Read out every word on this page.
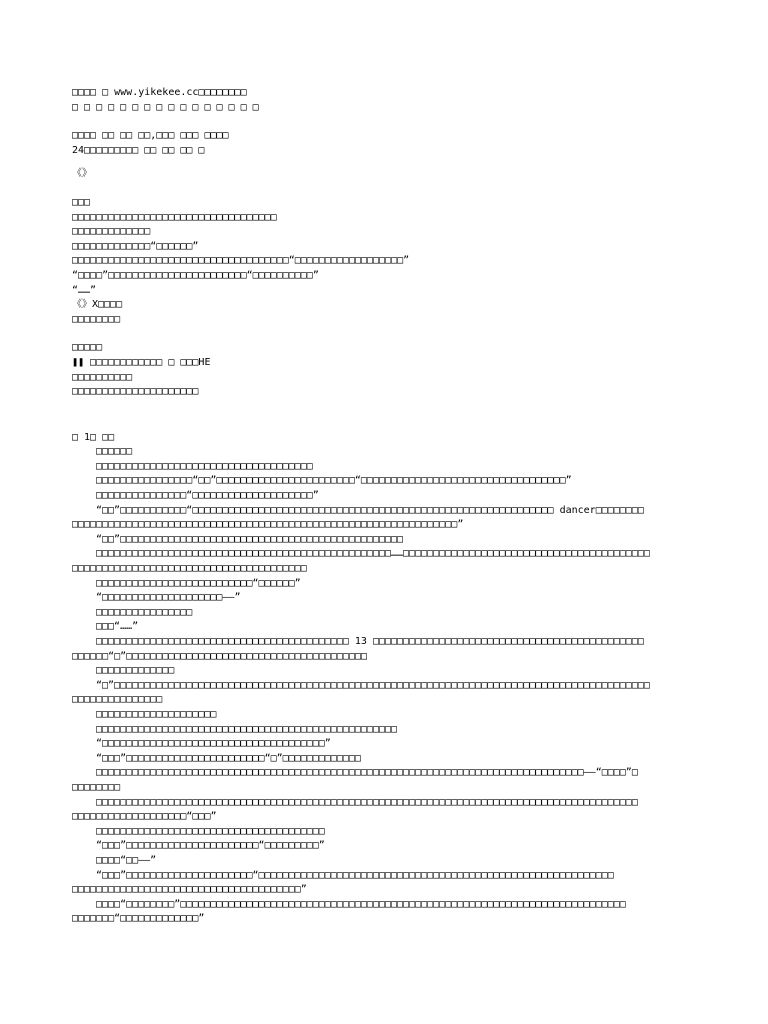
□□□□ □ www.yikekee.cc□□□□□□□□
□ □ □ □ □ □ □ □ □ □ □ □ □ □ □ □
□□□□ □□ □□ □□,□□□ □□□ □□□□
24□□□□□□□□□ □□ □□ □□ □
《》
□□□
□□□□□□□□□□□□□□□□□□□□□□□□□□□□□□□□□□
□□□□□□□□□□□□□
□□□□□□□□□□□□□“□□□□□□”
□□□□□□□□□□□□□□□□□□□□□□□□□□□□□□□□□□□□“□□□□□□□□□□□□□□□□□□”
“□□□□”□□□□□□□□□□□□□□□□□□□□□□□“□□□□□□□□□□”
“……”
《》X□□□□
□□□□□□□□
□□□□□
❚❚ □□□□□□□□□□□□ □ □□□HE
□□□□□□□□□□
□□□□□□□□□□□□□□□□□□□□□
□ 1□ □□
□□□□□□
□□□□□□□□□□□□□□□□□□□□□□□□□□□□□□□□□□□□
□□□□□□□□□□□□□□□□“□□”□□□□□□□□□□□□□□□□□□□□□□□“□□□□□□□□□□□□□□□□□□□□□□□□□□□□□□□□□□”
□□□□□□□□□□□□□□□“□□□□□□□□□□□□□□□□□□□□”
“□□”□□□□□□□□□□□“□□□□□□□□□□□□□□□□□□□□□□□□□□□□□□□□□□□□□□□□□□□□□□□□□□□□□□□□□□□□ dancer□□□□□□□□
□□□□□□□□□□□□□□□□□□□□□□□□□□□□□□□□□□□□□□□□□□□□□□□□□□□□□□□□□□□□□□□□”
“□□”□□□□□□□□□□□□□□□□□□□□□□□□□□□□□□□□□□□□□□□□□□□□□□□
□□□□□□□□□□□□□□□□□□□□□□□□□□□□□□□□□□□□□□□□□□□□□□□□□……□□□□□□□□□□□□□□□□□□□□□□□□□□□□□□□□□□□□□□□□□
□□□□□□□□□□□□□□□□□□□□□□□□□□□□□□□□□□□□□□□
□□□□□□□□□□□□□□□□□□□□□□□□□□“□□□□□□”
“□□□□□□□□□□□□□□□□□□□□——”
□□□□□□□□□□□□□□□□
□□□“……”
□□□□□□□□□□□□□□□□□□□□□□□□□□□□□□□□□□□□□□□□□□ 13 □□□□□□□□□□□□□□□□□□□□□□□□□□□□□□□□□□□□□□□□□□□□□
□□□□□□“□”□□□□□□□□□□□□□□□□□□□□□□□□□□□□□□□□□□□□□□□□
□□□□□□□□□□□□□
“□”□□□□□□□□□□□□□□□□□□□□□□□□□□□□□□□□□□□□□□□□□□□□□□□□□□□□□□□□□□□□□□□□□□□□□□□□□□□□□□□□□□□□□□□□□
□□□□□□□□□□□□□□□
□□□□□□□□□□□□□□□□□□□□
□□□□□□□□□□□□□□□□□□□□□□□□□□□□□□□□□□□□□□□□□□□□□□□□□□
“□□□□□□□□□□□□□□□□□□□□□□□□□□□□□□□□□□□□□”
“□□□”□□□□□□□□□□□□□□□□□□□□□□□“□”□□□□□□□□□□□□□
□□□□□□□□□□□□□□□□□□□□□□□□□□□□□□□□□□□□□□□□□□□□□□□□□□□□□□□□□□□□□□□□□□□□□□□□□□□□□□□□□——“□□□□”□
□□□□□□□□
□□□□□□□□□□□□□□□□□□□□□□□□□□□□□□□□□□□□□□□□□□□□□□□□□□□□□□□□□□□□□□□□□□□□□□□□□□□□□□□□□□□□□□□□□□
□□□□□□□□□□□□□□□□□□□“□□□”
□□□□□□□□□□□□□□□□□□□□□□□□□□□□□□□□□□□□□□
“□□□”□□□□□□□□□□□□□□□□□□□□□□“□□□□□□□□□”
□□□□“□□——”
“□□□”□□□□□□□□□□□□□□□□□□□□□“□□□□□□□□□□□□□□□□□□□□□□□□□□□□□□□□□□□□□□□□□□□□□□□□□□□□□□□□□□□
□□□□□□□□□□□□□□□□□□□□□□□□□□□□□□□□□□□□□□”
□□□□“□□□□□□□□”□□□□□□□□□□□□□□□□□□□□□□□□□□□□□□□□□□□□□□□□□□□□□□□□□□□□□□□□□□□□□□□□□□□□□□□□□□
□□□□□□□“□□□□□□□□□□□□□”
